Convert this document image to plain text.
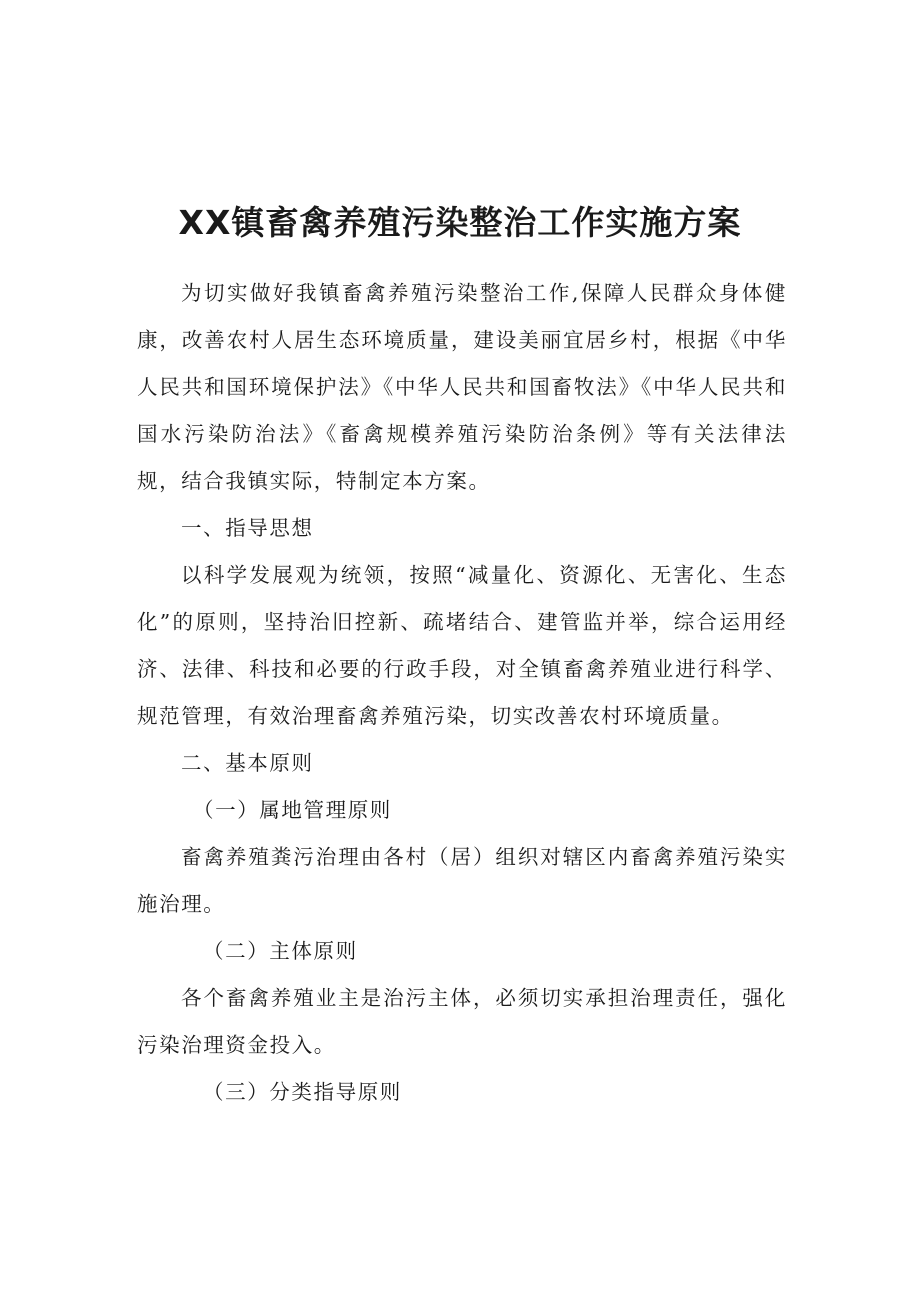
XX镇畜禽养殖污染整治工作实施方案

为切实做好我镇畜禽养殖污染整治工作,保障人民群众身体健康，改善农村人居生态环境质量，建设美丽宜居乡村，根据《中华人民共和国环境保护法》《中华人民共和国畜牧法》《中华人民共和国水污染防治法》《畜禽规模养殖污染防治条例》等有关法律法规，结合我镇实际，特制定本方案。

一、指导思想

以科学发展观为统领，按照“减量化、资源化、无害化、生态化”的原则，坚持治旧控新、疏堵结合、建管监并举，综合运用经济、法律、科技和必要的行政手段，对全镇畜禽养殖业进行科学、规范管理，有效治理畜禽养殖污染，切实改善农村环境质量。

二、基本原则

（一）属地管理原则

畜禽养殖粪污治理由各村（居）组织对辖区内畜禽养殖污染实施治理。

（二）主体原则

各个畜禽养殖业主是治污主体，必须切实承担治理责任，强化污染治理资金投入。

（三）分类指导原则
